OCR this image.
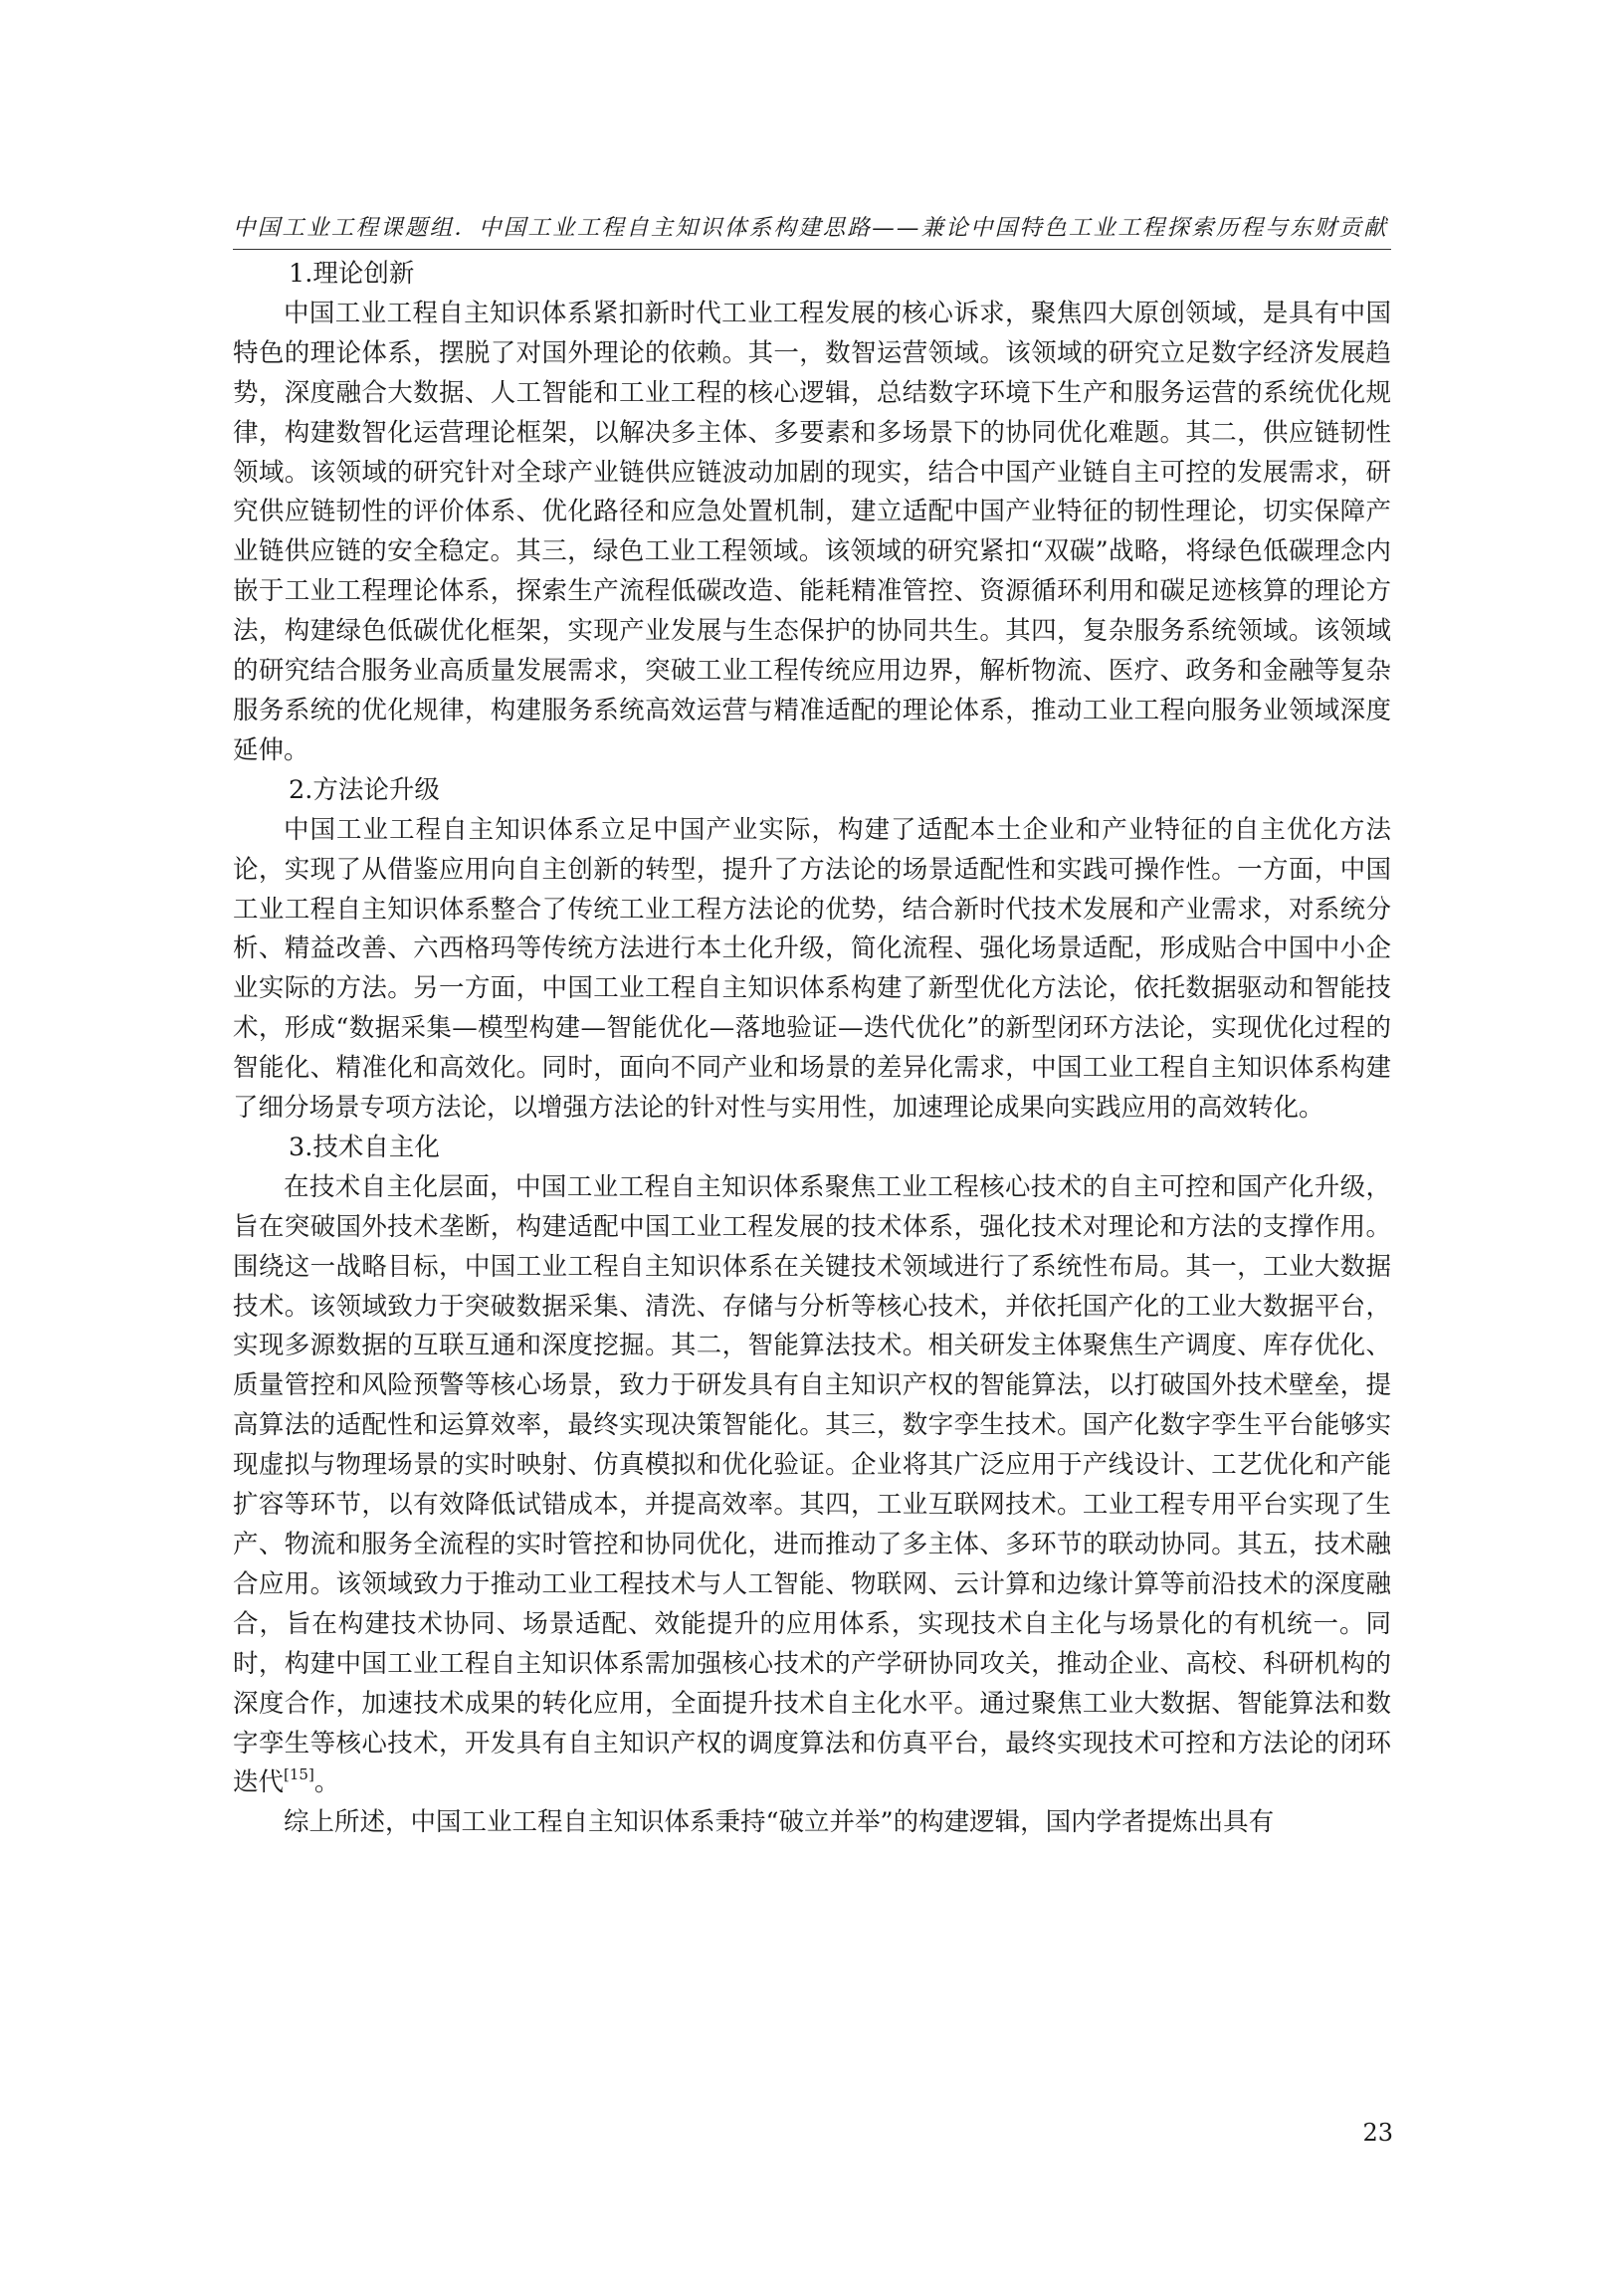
中国工业工程课题组．中国工业工程自主知识体系构建思路——兼论中国特色工业工程探索历程与东财贡献
1.理论创新

中国工业工程自主知识体系紧扣新时代工业工程发展的核心诉求，聚焦四大原创领域，是具有中国特色的理论体系，摆脱了对国外理论的依赖。其一，数智运营领域。该领域的研究立足数字经济发展趋势，深度融合大数据、人工智能和工业工程的核心逻辑，总结数字环境下生产和服务运营的系统优化规律，构建数智化运营理论框架，以解决多主体、多要素和多场景下的协同优化难题。其二，供应链韧性领域。该领域的研究针对全球产业链供应链波动加剧的现实，结合中国产业链自主可控的发展需求，研究供应链韧性的评价体系、优化路径和应急处置机制，建立适配中国产业特征的韧性理论，切实保障产业链供应链的安全稳定。其三，绿色工业工程领域。该领域的研究紧扣“双碳”战略，将绿色低碳理念内嵌于工业工程理论体系，探索生产流程低碳改造、能耗精准管控、资源循环利用和碳足迹核算的理论方法，构建绿色低碳优化框架，实现产业发展与生态保护的协同共生。其四，复杂服务系统领域。该领域的研究结合服务业高质量发展需求，突破工业工程传统应用边界，解析物流、医疗、政务和金融等复杂服务系统的优化规律，构建服务系统高效运营与精准适配的理论体系，推动工业工程向服务业领域深度延伸。

2.方法论升级

中国工业工程自主知识体系立足中国产业实际，构建了适配本土企业和产业特征的自主优化方法论，实现了从借鉴应用向自主创新的转型，提升了方法论的场景适配性和实践可操作性。一方面，中国工业工程自主知识体系整合了传统工业工程方法论的优势，结合新时代技术发展和产业需求，对系统分析、精益改善、六西格玛等传统方法进行本土化升级，简化流程、强化场景适配，形成贴合中国中小企业实际的方法。另一方面，中国工业工程自主知识体系构建了新型优化方法论，依托数据驱动和智能技术，形成“数据采集—模型构建—智能优化—落地验证—迭代优化”的新型闭环方法论，实现优化过程的智能化、精准化和高效化。同时，面向不同产业和场景的差异化需求，中国工业工程自主知识体系构建了细分场景专项方法论，以增强方法论的针对性与实用性，加速理论成果向实践应用的高效转化。

3.技术自主化

在技术自主化层面，中国工业工程自主知识体系聚焦工业工程核心技术的自主可控和国产化升级，旨在突破国外技术垄断，构建适配中国工业工程发展的技术体系，强化技术对理论和方法的支撑作用。围绕这一战略目标，中国工业工程自主知识体系在关键技术领域进行了系统性布局。其一，工业大数据技术。该领域致力于突破数据采集、清洗、存储与分析等核心技术，并依托国产化的工业大数据平台，实现多源数据的互联互通和深度挖掘。其二，智能算法技术。相关研发主体聚焦生产调度、库存优化、质量管控和风险预警等核心场景，致力于研发具有自主知识产权的智能算法，以打破国外技术壁垒，提高算法的适配性和运算效率，最终实现决策智能化。其三，数字孪生技术。国产化数字孪生平台能够实现虚拟与物理场景的实时映射、仿真模拟和优化验证。企业将其广泛应用于产线设计、工艺优化和产能扩容等环节，以有效降低试错成本，并提高效率。其四，工业互联网技术。工业工程专用平台实现了生产、物流和服务全流程的实时管控和协同优化，进而推动了多主体、多环节的联动协同。其五，技术融合应用。该领域致力于推动工业工程技术与人工智能、物联网、云计算和边缘计算等前沿技术的深度融合，旨在构建技术协同、场景适配、效能提升的应用体系，实现技术自主化与场景化的有机统一。同时，构建中国工业工程自主知识体系需加强核心技术的产学研协同攻关，推动企业、高校、科研机构的深度合作，加速技术成果的转化应用，全面提升技术自主化水平。通过聚焦工业大数据、智能算法和数字孪生等核心技术，开发具有自主知识产权的调度算法和仿真平台，最终实现技术可控和方法论的闭环迭代[15]。

综上所述，中国工业工程自主知识体系秉持“破立并举”的构建逻辑，国内学者提炼出具有

23
